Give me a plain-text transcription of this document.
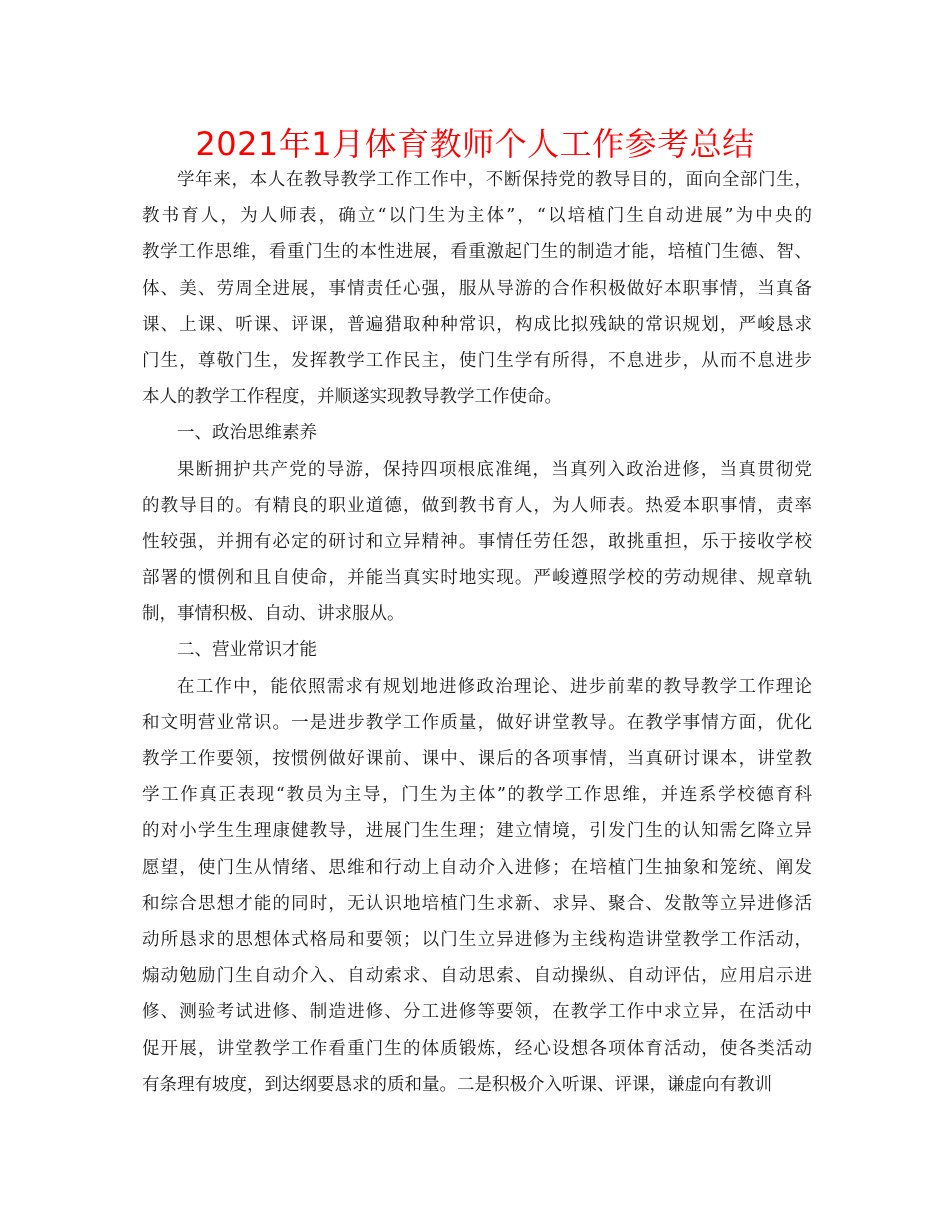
2021年1月体育教师个人工作参考总结
学年来，本人在教导教学工作工作中，不断保持党的教导目的，面向全部门生，
教书育人，为人师表，确立“以门生为主体”，“以培植门生自动进展”为中央的
教学工作思维，看重门生的本性进展，看重激起门生的制造才能，培植门生德、智、
体、美、劳周全进展，事情责任心强，服从导游的合作积极做好本职事情，当真备
课、上课、听课、评课，普遍猎取种种常识，构成比拟残缺的常识规划，严峻恳求
门生，尊敬门生，发挥教学工作民主，使门生学有所得，不息进步，从而不息进步
本人的教学工作程度，并顺遂实现教导教学工作使命。
一、政治思维素养
果断拥护共产党的导游，保持四项根底准绳，当真列入政治进修，当真贯彻党
的教导目的。有精良的职业道德，做到教书育人，为人师表。热爱本职事情，责率
性较强，并拥有必定的研讨和立异精神。事情任劳任怨，敢挑重担，乐于接收学校
部署的惯例和且自使命，并能当真实时地实现。严峻遵照学校的劳动规律、规章轨
制，事情积极、自动、讲求服从。
二、营业常识才能
在工作中，能依照需求有规划地进修政治理论、进步前辈的教导教学工作理论
和文明营业常识。一是进步教学工作质量，做好讲堂教导。在教学事情方面，优化
教学工作要领，按惯例做好课前、课中、课后的各项事情，当真研讨课本，讲堂教
学工作真正表现“教员为主导，门生为主体”的教学工作思维，并连系学校德育科
的对小学生生理康健教导，进展门生生理；建立情境，引发门生的认知需乞降立异
愿望，使门生从情绪、思维和行动上自动介入进修；在培植门生抽象和笼统、阐发
和综合思想才能的同时，无认识地培植门生求新、求异、聚合、发散等立异进修活
动所恳求的思想体式格局和要领；以门生立异进修为主线构造讲堂教学工作活动，
煽动勉励门生自动介入、自动索求、自动思索、自动操纵、自动评估，应用启示进
修、测验考试进修、制造进修、分工进修等要领，在教学工作中求立异，在活动中
促开展，讲堂教学工作看重门生的体质锻炼，经心设想各项体育活动，使各类活动
有条理有坡度，到达纲要恳求的质和量。二是积极介入听课、评课，谦虚向有教训
